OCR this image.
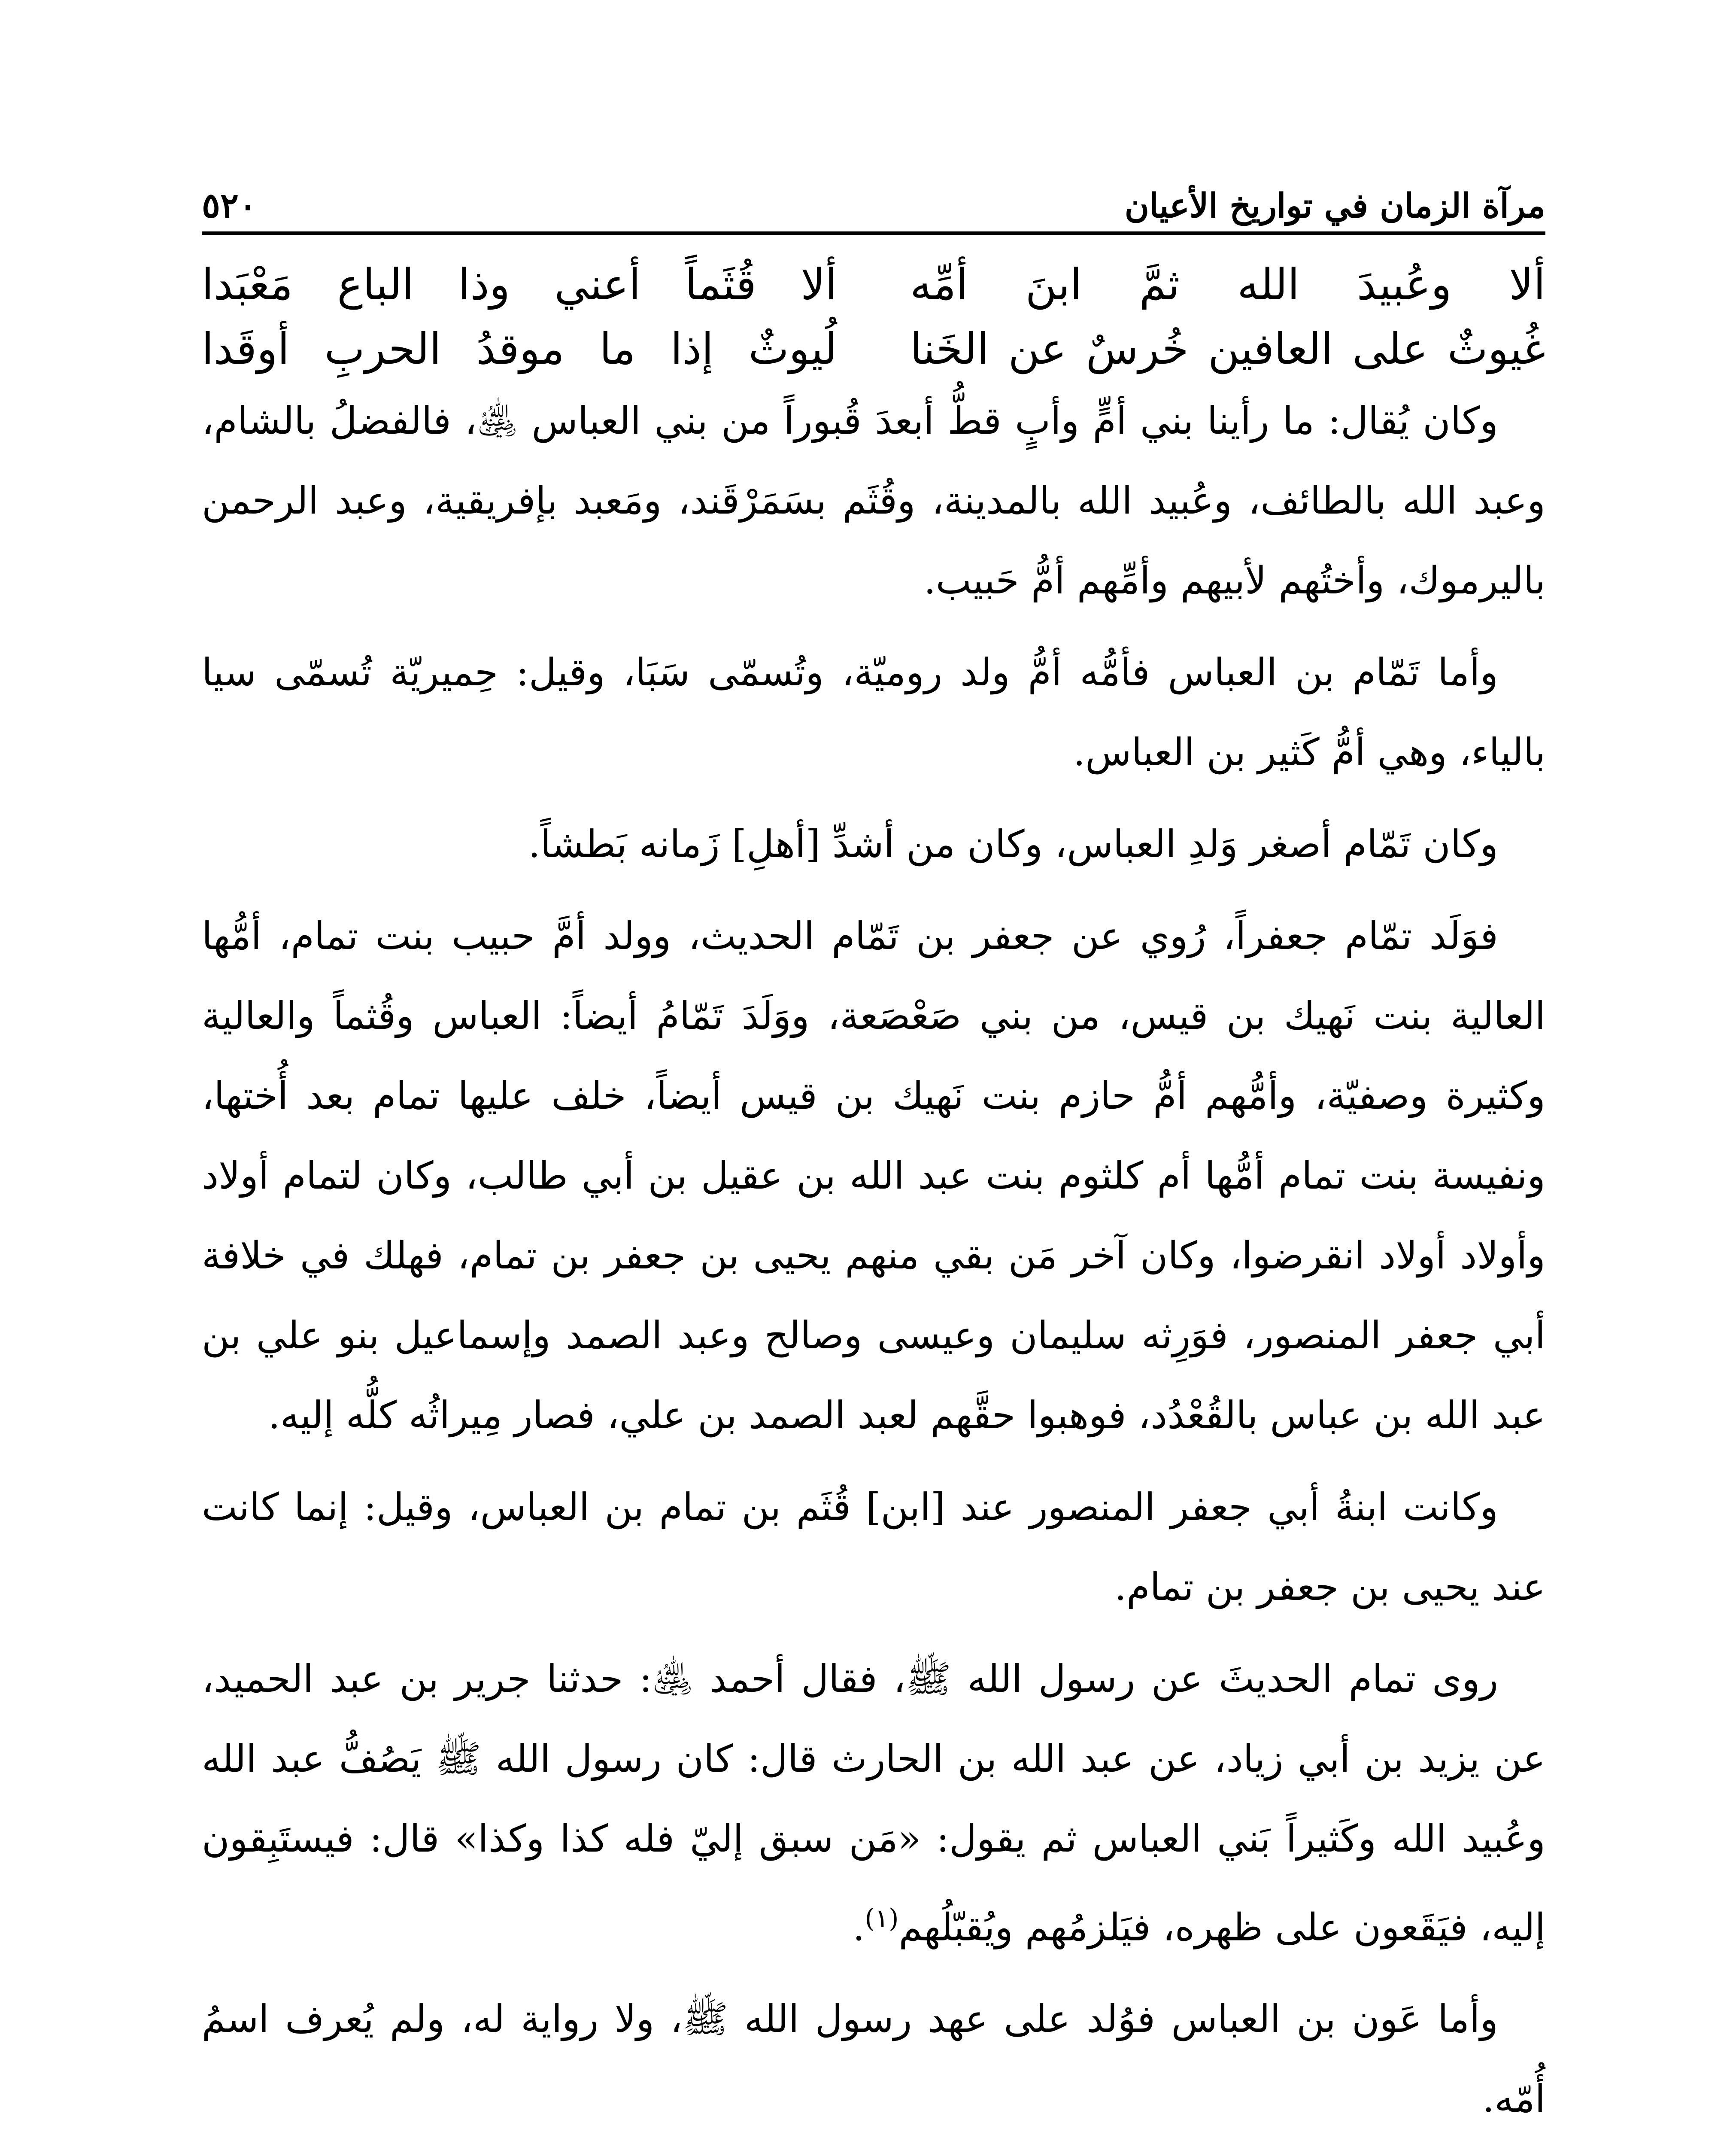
مرآة الزمان في تواريخ الأعيان
٥٢٠
ألا وعُبيدَ الله ثمَّ ابنَ أمِّه
ألا قُثَماً أعني وذا الباع مَعْبَدا
غُيوثٌ على العافين خُرسٌ عن الخَنا
لُيوثٌ إذا ما موقدُ الحربِ أوقَدا

وكان يُقال: ما رأينا بني أمٍّ وأبٍ قطُّ أبعدَ قُبوراً من بني العباس ﵁، فالفضلُ بالشام، وعبد الله بالطائف، وعُبيد الله بالمدينة، وقُثَم بسَمَرْقَند، ومَعبد بإفريقية، وعبد الرحمن باليرموك، وأختُهم لأبيهم وأمِّهم أمُّ حَبيب.

وأما تَمّام بن العباس فأمُّه أمُّ ولد روميّة، وتُسمّى سَبَا، وقيل: حِميريّة تُسمّى سيا بالياء، وهي أمُّ كَثير بن العباس.

وكان تَمّام أصغر وَلدِ العباس، وكان من أشدِّ [أهلِ] زَمانه بَطشاً.

فوَلَد تمّام جعفراً، رُوي عن جعفر بن تَمّام الحديث، وولد أمَّ حبيب بنت تمام، أمُّها العالية بنت نَهيك بن قيس، من بني صَعْصَعة، ووَلَدَ تَمّامُ أيضاً: العباس وقُثماً والعالية وكثيرة وصفيّة، وأمُّهم أمُّ حازم بنت نَهيك بن قيس أيضاً، خلف عليها تمام بعد أُختها، ونفيسة بنت تمام أمُّها أم كلثوم بنت عبد الله بن عقيل بن أبي طالب، وكان لتمام أولاد وأولاد أولاد انقرضوا، وكان آخر مَن بقي منهم يحيى بن جعفر بن تمام، فهلك في خلافة أبي جعفر المنصور، فوَرِثه سليمان وعيسى وصالح وعبد الصمد وإسماعيل بنو علي بن عبد الله بن عباس بالقُعْدُد، فوهبوا حقَّهم لعبد الصمد بن علي، فصار مِيراثُه كلُّه إليه.

وكانت ابنةُ أبي جعفر المنصور عند [ابن] قُثَم بن تمام بن العباس، وقيل: إنما كانت عند يحيى بن جعفر بن تمام.

روى تمام الحديثَ عن رسول الله ﷺ، فقال أحمد ﵁: حدثنا جرير بن عبد الحميد، عن يزيد بن أبي زياد، عن عبد الله بن الحارث قال: كان رسول الله ﷺ يَصُفُّ عبد الله وعُبيد الله وكَثيراً بَني العباس ثم يقول: «مَن سبق إليّ فله كذا وكذا» قال: فيستَبِقون إليه، فيَقَعون على ظهره، فيَلزمُهم ويُقبّلُهم$^{(١)}$.

وأما عَون بن العباس فوُلد على عهد رسول الله ﷺ، ولا رواية له، ولم يُعرف اسمُ أُمّه.
